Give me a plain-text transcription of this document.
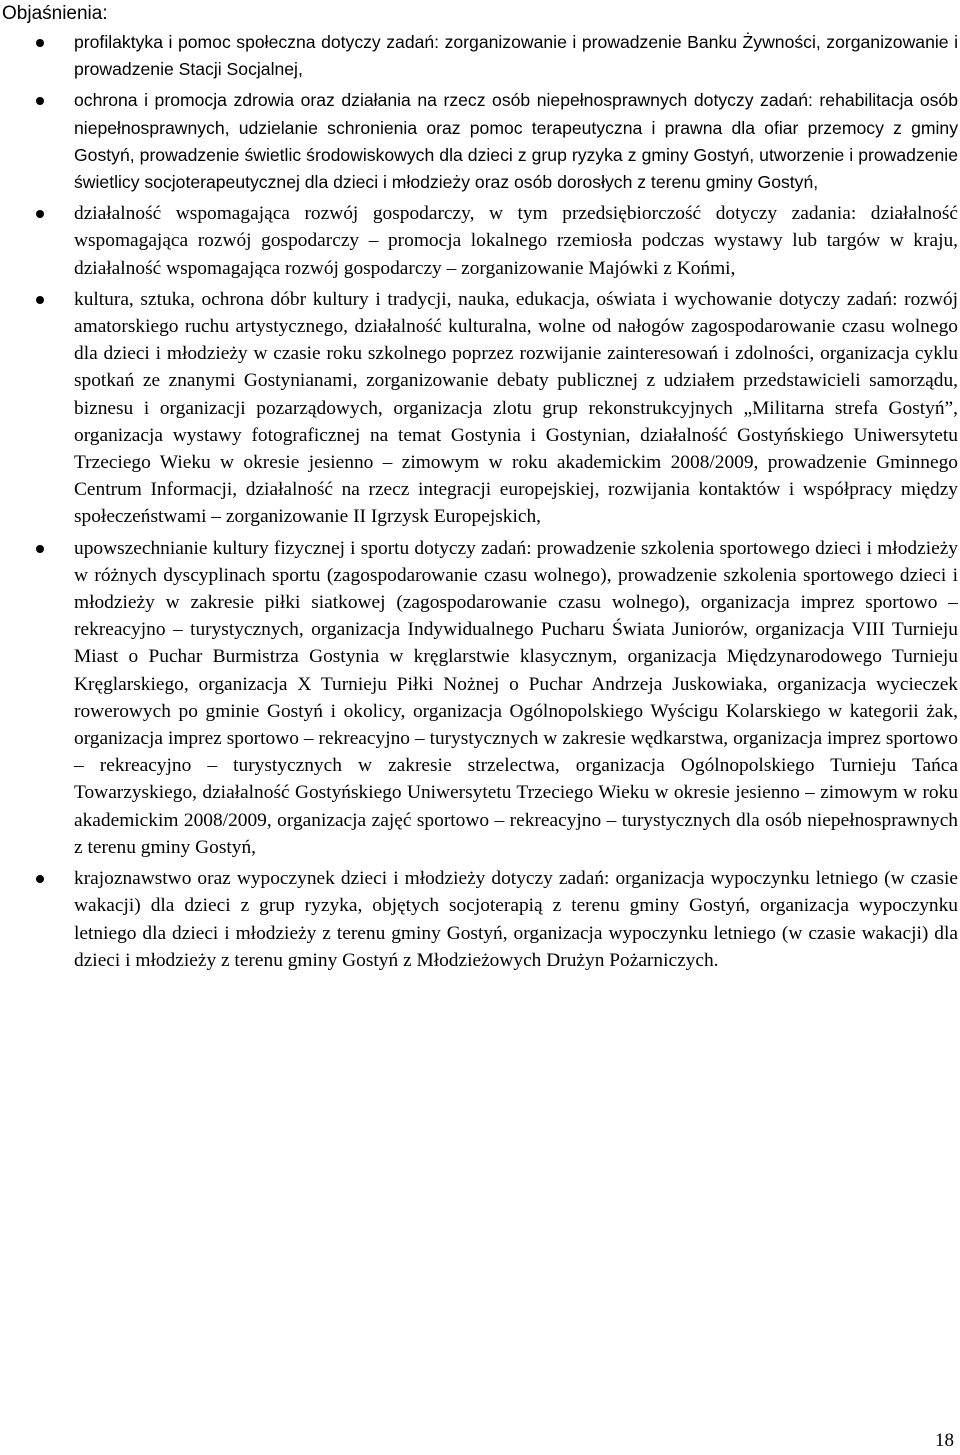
Objaśnienia:
profilaktyka i pomoc społeczna dotyczy zadań: zorganizowanie i prowadzenie Banku Żywności, zorganizowanie i prowadzenie Stacji Socjalnej,
ochrona i promocja zdrowia oraz działania na rzecz osób niepełnosprawnych dotyczy zadań: rehabilitacja osób niepełnosprawnych, udzielanie schronienia oraz pomoc terapeutyczna i prawna dla ofiar przemocy z gminy Gostyń, prowadzenie świetlic środowiskowych dla dzieci z grup ryzyka z gminy Gostyń, utworzenie i prowadzenie świetlicy socjoterapeutycznej dla dzieci i młodzieży oraz osób dorosłych z terenu gminy Gostyń,
działalność wspomagająca rozwój gospodarczy, w tym przedsiębiorczość dotyczy zadania: działalność wspomagająca rozwój gospodarczy – promocja lokalnego rzemiosła podczas wystawy lub targów w kraju, działalność wspomagająca rozwój gospodarczy – zorganizowanie Majówki z Końmi,
kultura, sztuka, ochrona dóbr kultury i tradycji, nauka, edukacja, oświata i wychowanie dotyczy zadań: rozwój amatorskiego ruchu artystycznego, działalność kulturalna, wolne od nałogów zagospodarowanie czasu wolnego dla dzieci i młodzieży w czasie roku szkolnego poprzez rozwijanie zainteresowań i zdolności, organizacja cyklu spotkań ze znanymi Gostynianami, zorganizowanie debaty publicznej z udziałem przedstawicieli samorządu, biznesu i organizacji pozarządowych, organizacja zlotu grup rekonstrukcyjnych „Militarna strefa Gostyń”, organizacja wystawy fotograficznej na temat Gostynia i Gostynian, działalność Gostyńskiego Uniwersytetu Trzeciego Wieku w okresie jesienno – zimowym w roku akademickim 2008/2009, prowadzenie Gminnego Centrum Informacji, działalność na rzecz integracji europejskiej, rozwijania kontaktów i współpracy między społeczeństwami – zorganizowanie II Igrzysk Europejskich,
upowszechnianie kultury fizycznej i sportu dotyczy zadań: prowadzenie szkolenia sportowego dzieci i młodzieży w różnych dyscyplinach sportu (zagospodarowanie czasu wolnego), prowadzenie szkolenia sportowego dzieci i młodzieży w zakresie piłki siatkowej (zagospodarowanie czasu wolnego), organizacja imprez sportowo – rekreacyjno – turystycznych, organizacja Indywidualnego Pucharu Świata Juniorów, organizacja VIII Turnieju Miast o Puchar Burmistrza Gostynia w kręglarstwie klasycznym, organizacja Międzynarodowego Turnieju Kręglarskiego, organizacja X Turnieju Piłki Nożnej o Puchar Andrzeja Juskowiaka, organizacja wycieczek rowerowych po gminie Gostyń i okolicy, organizacja Ogólnopolskiego Wyścigu Kolarskiego w kategorii żak, organizacja imprez sportowo – rekreacyjno – turystycznych w zakresie wędkarstwa, organizacja imprez sportowo – rekreacyjno – turystycznych w zakresie strzelectwa, organizacja Ogólnopolskiego Turnieju Tańca Towarzyskiego, działalność Gostyńskiego Uniwersytetu Trzeciego Wieku w okresie jesienno – zimowym w roku akademickim 2008/2009, organizacja zajęć sportowo – rekreacyjno – turystycznych dla osób niepełnosprawnych z terenu gminy Gostyń,
krajoznawstwo oraz wypoczynek dzieci i młodzieży dotyczy zadań: organizacja wypoczynku letniego (w czasie wakacji) dla dzieci z grup ryzyka, objętych socjoterapią z terenu gminy Gostyń, organizacja wypoczynku letniego dla dzieci i młodzieży z terenu gminy Gostyń, organizacja wypoczynku letniego (w czasie wakacji) dla dzieci i młodzieży z terenu gminy Gostyń z Młodzieżowych Drużyn Pożarniczych.
18
